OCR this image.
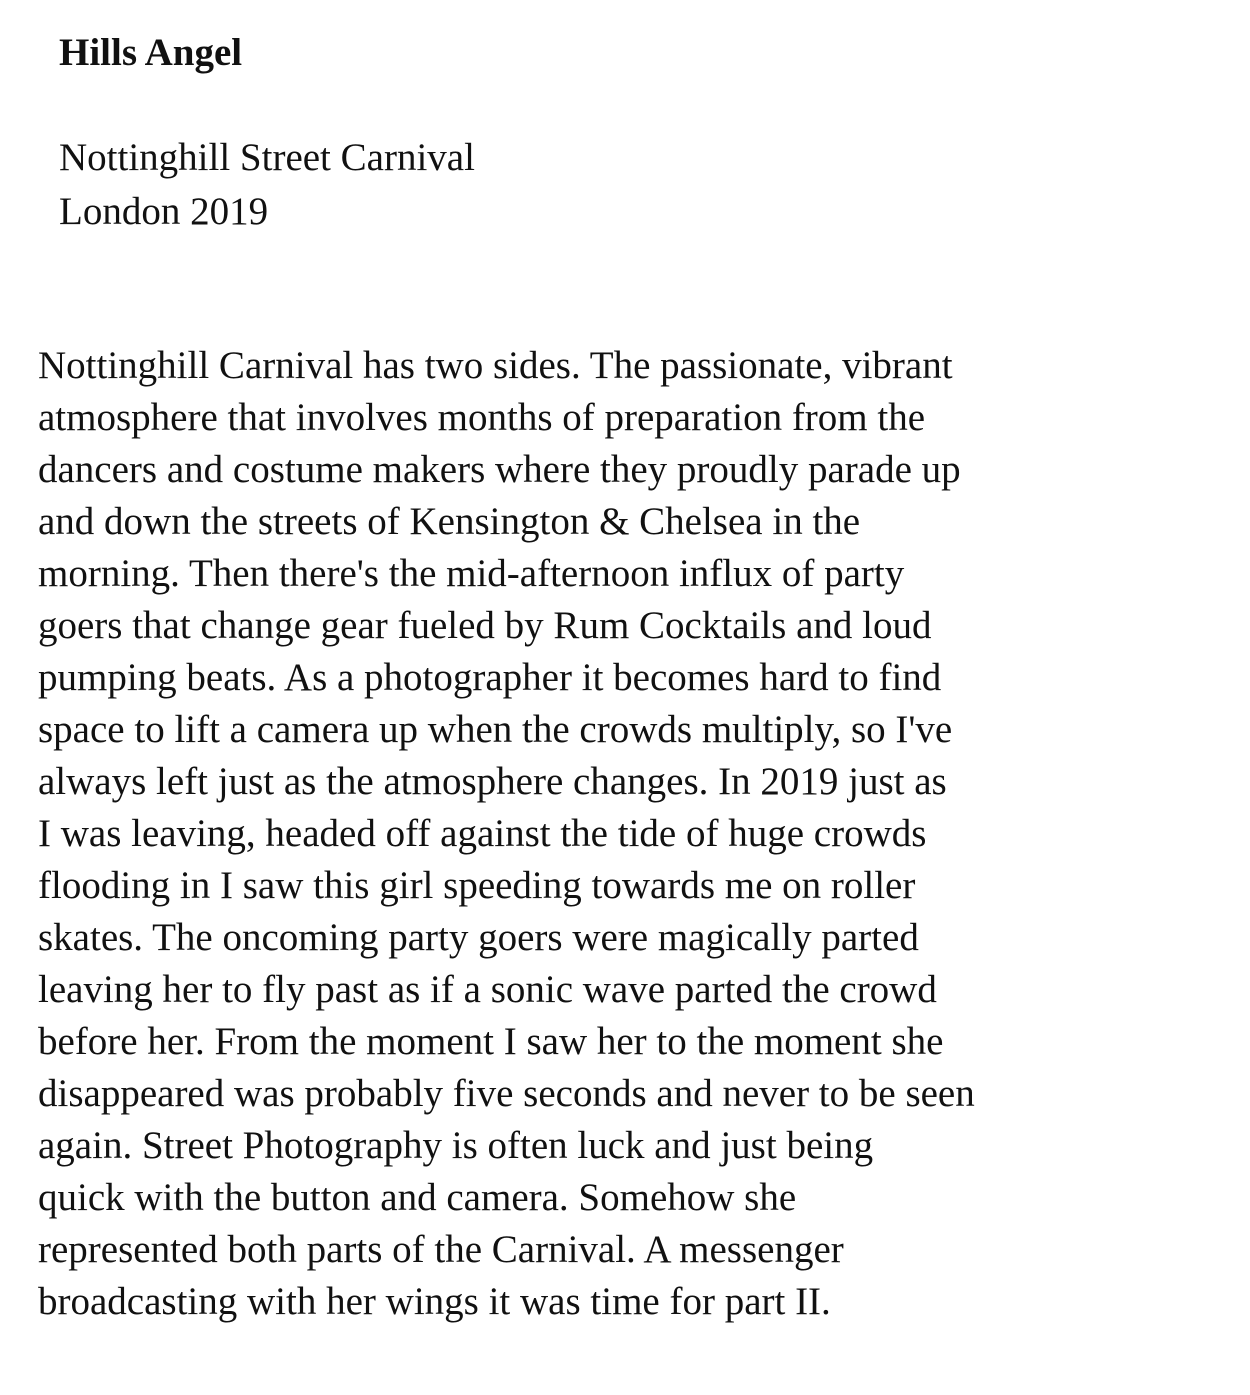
Hills Angel
Nottinghill Street Carnival
London 2019
Nottinghill Carnival has two sides. The passionate, vibrant
atmosphere that involves months of preparation from the
dancers and costume makers where they proudly parade up
and down the streets of Kensington & Chelsea in the
morning. Then there's the mid-afternoon influx of party
goers that change gear fueled by Rum Cocktails and loud
pumping beats. As a photographer it becomes hard to find
space to lift a camera up when the crowds multiply, so I've
always left just as the atmosphere changes. In 2019 just as
I was leaving, headed off against the tide of huge crowds
flooding in I saw this girl speeding towards me on roller
skates. The oncoming party goers were magically parted
leaving her to fly past as if a sonic wave parted the crowd
before her. From the moment I saw her to the moment she
disappeared was probably five seconds and never to be seen
again. Street Photography is often luck and just being
quick with the button and camera. Somehow she
represented both parts of the Carnival. A messenger
broadcasting with her wings it was time for part II.
